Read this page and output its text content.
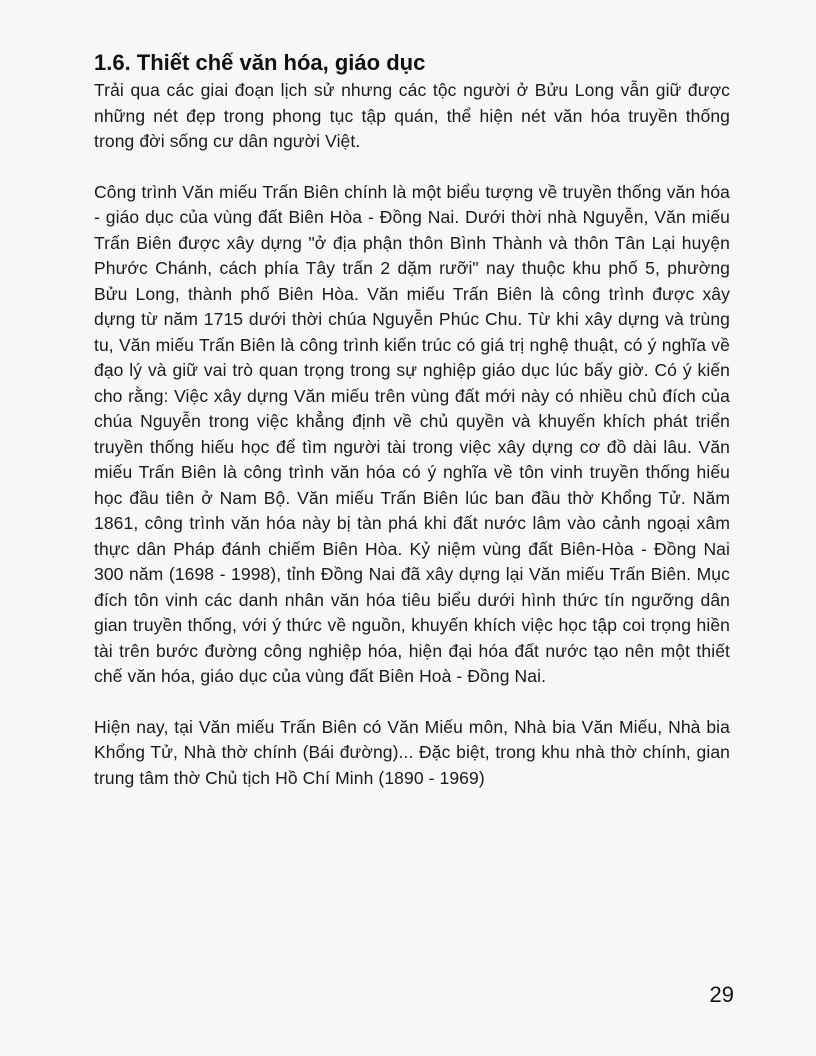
1.6. Thiết chế văn hóa, giáo dục

Trải qua các giai đoạn lịch sử nhưng các tộc người ở Bửu Long vẫn giữ được những nét đẹp trong phong tục tập quán, thể hiện nét văn hóa truyền thống trong đời sống cư dân người Việt.

Công trình Văn miếu Trấn Biên chính là một biểu tượng về truyền thống văn hóa - giáo dục của vùng đất Biên Hòa - Đồng Nai. Dưới thời nhà Nguyễn, Văn miếu Trấn Biên được xây dựng "ở địa phận thôn Bình Thành và thôn Tân Lại huyện Phước Chánh, cách phía Tây trấn 2 dặm rưỡi" nay thuộc khu phố 5, phường Bửu Long, thành phố Biên Hòa. Văn miếu Trấn Biên là công trình được xây dựng từ năm 1715 dưới thời chúa Nguyễn Phúc Chu. Từ khi xây dựng và trùng tu, Văn miếu Trấn Biên là công trình kiến trúc có giá trị nghệ thuật, có ý nghĩa về đạo lý và giữ vai trò quan trọng trong sự nghiệp giáo dục lúc bấy giờ. Có ý kiến cho rằng: Việc xây dựng Văn miếu trên vùng đất mới này có nhiều chủ đích của chúa Nguyễn trong việc khẳng định về chủ quyền và khuyến khích phát triển truyền thống hiếu học để tìm người tài trong việc xây dựng cơ đồ dài lâu. Văn miếu Trấn Biên là công trình văn hóa có ý nghĩa về tôn vinh truyền thống hiếu học đầu tiên ở Nam Bộ. Văn miếu Trấn Biên lúc ban đầu thờ Khổng Tử. Năm 1861, công trình văn hóa này bị tàn phá khi đất nước lâm vào cảnh ngoại xâm thực dân Pháp đánh chiếm Biên Hòa. Kỷ niệm vùng đất Biên-Hòa - Đồng Nai 300 năm (1698 - 1998), tỉnh Đồng Nai đã xây dựng lại Văn miếu Trấn Biên. Mục đích tôn vinh các danh nhân văn hóa tiêu biểu dưới hình thức tín ngưỡng dân gian truyền thống, với ý thức về nguồn, khuyến khích việc học tập coi trọng hiền tài trên bước đường công nghiệp hóa, hiện đại hóa đất nước tạo nên một thiết chế văn hóa, giáo dục của vùng đất Biên Hoà - Đồng Nai.

Hiện nay, tại Văn miếu Trấn Biên có Văn Miếu môn, Nhà bia Văn Miếu, Nhà bia Khổng Tử, Nhà thờ chính (Bái đường)... Đặc biệt, trong khu nhà thờ chính, gian trung tâm thờ Chủ tịch Hồ Chí Minh (1890 - 1969)

29
